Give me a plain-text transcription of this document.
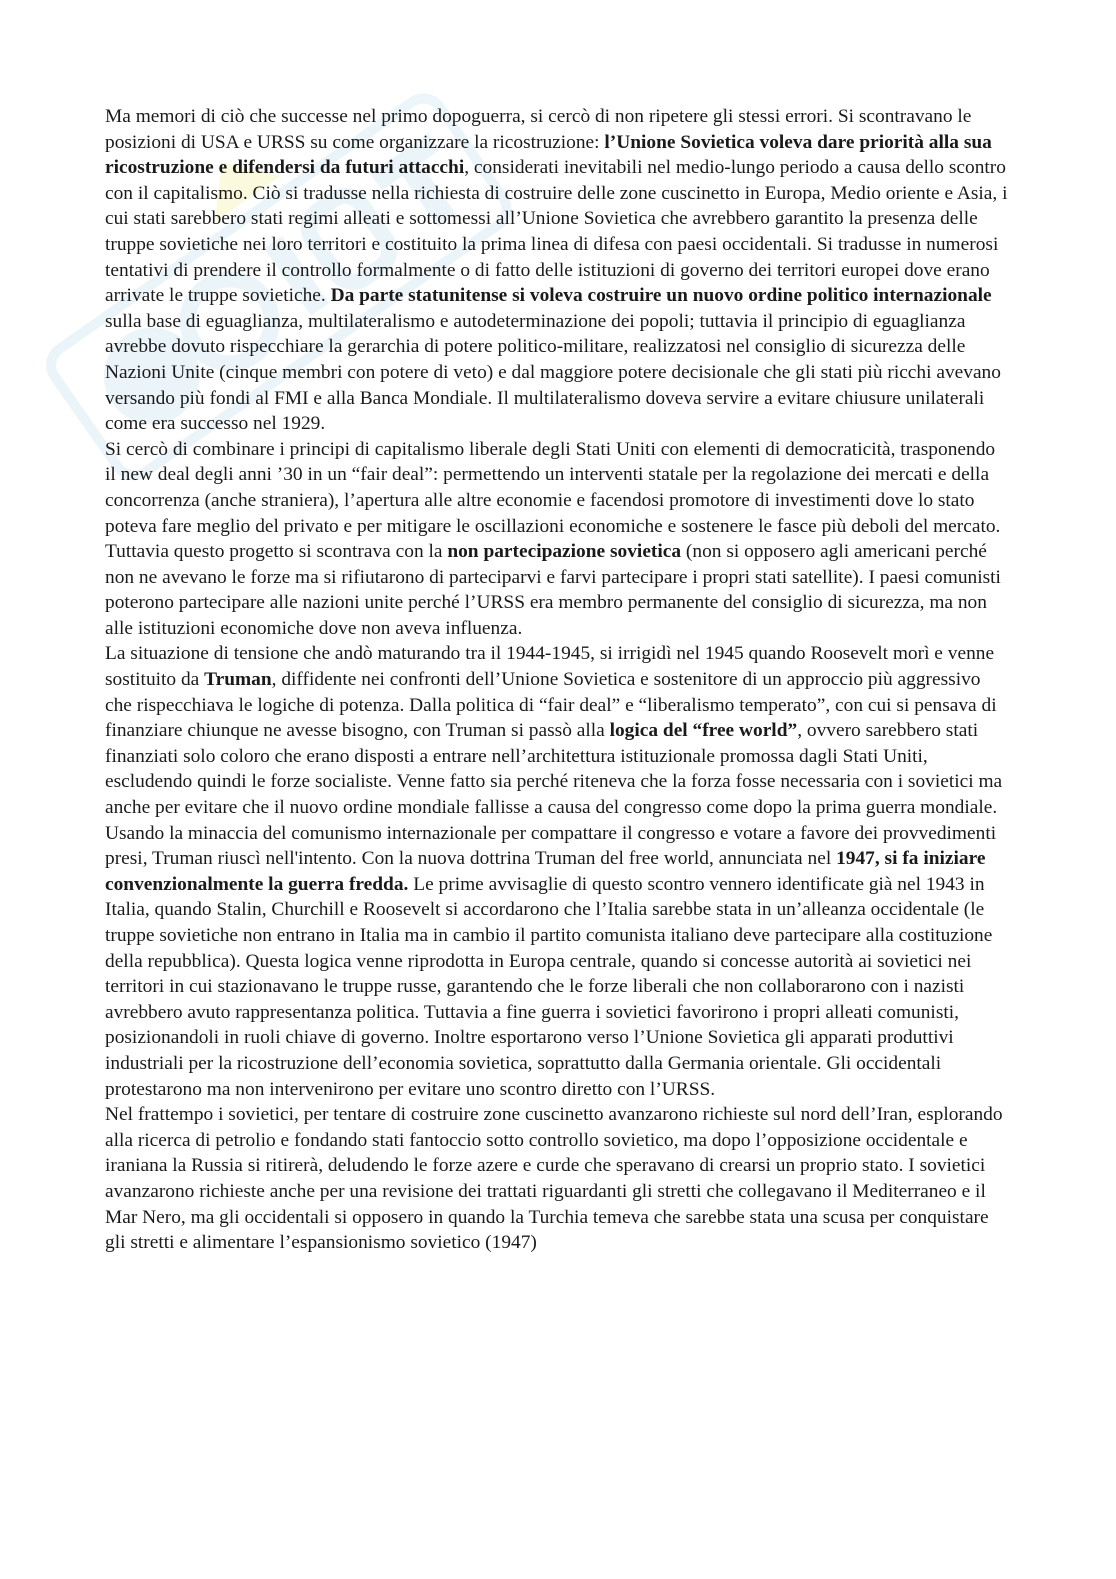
Ma memori di ciò che successe nel primo dopoguerra, si cercò di non ripetere gli stessi errori. Si scontravano le posizioni di USA e URSS su come organizzare la ricostruzione: l’Unione Sovietica voleva dare priorità alla sua ricostruzione e difendersi da futuri attacchi, considerati inevitabili nel medio-lungo periodo a causa dello scontro con il capitalismo. Ciò si tradusse nella richiesta di costruire delle zone cuscinetto in Europa, Medio oriente e Asia, i cui stati sarebbero stati regimi alleati e sottomessi all’Unione Sovietica che avrebbero garantito la presenza delle truppe sovietiche nei loro territori e costituito la prima linea di difesa con paesi occidentali. Si tradusse in numerosi tentativi di prendere il controllo formalmente o di fatto delle istituzioni di governo dei territori europei dove erano arrivate le truppe sovietiche. Da parte statunitense si voleva costruire un nuovo ordine politico internazionale sulla base di eguaglianza, multilateralismo e autodeterminazione dei popoli; tuttavia il principio di eguaglianza avrebbe dovuto rispecchiare la gerarchia di potere politico-militare, realizzatosi nel consiglio di sicurezza delle Nazioni Unite (cinque membri con potere di veto) e dal maggiore potere decisionale che gli stati più ricchi avevano versando più fondi al FMI e alla Banca Mondiale. Il multilateralismo doveva servire a evitare chiusure unilaterali come era successo nel 1929.

Si cercò di combinare i principi di capitalismo liberale degli Stati Uniti con elementi di democraticità, trasponendo il new deal degli anni ’30 in un “fair deal”: permettendo un interventi statale per la regolazione dei mercati e della concorrenza (anche straniera), l’apertura alle altre economie e facendosi promotore di investimenti dove lo stato poteva fare meglio del privato e per mitigare le oscillazioni economiche e sostenere le fasce più deboli del mercato. Tuttavia questo progetto si scontrava con la non partecipazione sovietica (non si opposero agli americani perché non ne avevano le forze ma si rifiutarono di parteciparvi e farvi partecipare i propri stati satellite). I paesi comunisti poterono partecipare alle nazioni unite perché l’URSS era membro permanente del consiglio di sicurezza, ma non alle istituzioni economiche dove non aveva influenza.

La situazione di tensione che andò maturando tra il 1944-1945, si irrigidì nel 1945 quando Roosevelt morì e venne sostituito da Truman, diffidente nei confronti dell’Unione Sovietica e sostenitore di un approccio più aggressivo che rispecchiava le logiche di potenza. Dalla politica di “fair deal” e “liberalismo temperato”, con cui si pensava di finanziare chiunque ne avesse bisogno, con Truman si passò alla logica del “free world”, ovvero sarebbero stati finanziati solo coloro che erano disposti a entrare nell’architettura istituzionale promossa dagli Stati Uniti, escludendo quindi le forze socialiste. Venne fatto sia perché riteneva che la forza fosse necessaria con i sovietici ma anche per evitare che il nuovo ordine mondiale fallisse a causa del congresso come dopo la prima guerra mondiale. Usando la minaccia del comunismo internazionale per compattare il congresso e votare a favore dei provvedimenti presi, Truman riuscì nell'intento. Con la nuova dottrina Truman del free world, annunciata nel 1947, si fa iniziare convenzionalmente la guerra fredda. Le prime avvisaglie di questo scontro vennero identificate già nel 1943 in Italia, quando Stalin, Churchill e Roosevelt si accordarono che l’Italia sarebbe stata in un’alleanza occidentale (le truppe sovietiche non entrano in Italia ma in cambio il partito comunista italiano deve partecipare alla costituzione della repubblica). Questa logica venne riprodotta in Europa centrale, quando si concesse autorità ai sovietici nei territori in cui stazionavano le truppe russe, garantendo che le forze liberali che non collaborarono con i nazisti avrebbero avuto rappresentanza politica. Tuttavia a fine guerra i sovietici favorirono i propri alleati comunisti, posizionandoli in ruoli chiave di governo. Inoltre esportarono verso l’Unione Sovietica gli apparati produttivi industriali per la ricostruzione dell’economia sovietica, soprattutto dalla Germania orientale. Gli occidentali protestarono ma non intervenirono per evitare uno scontro diretto con l’URSS.

Nel frattempo i sovietici, per tentare di costruire zone cuscinetto avanzarono richieste sul nord dell’Iran, esplorando alla ricerca di petrolio e fondando stati fantoccio sotto controllo sovietico, ma dopo l’opposizione occidentale e iraniana la Russia si ritirerà, deludendo le forze azere e curde che speravano di crearsi un proprio stato. I sovietici avanzarono richieste anche per una revisione dei trattati riguardanti gli stretti che collegavano il Mediterraneo e il Mar Nero, ma gli occidentali si opposero in quando la Turchia temeva che sarebbe stata una scusa per conquistare gli stretti e alimentare l’espansionismo sovietico (1947)
